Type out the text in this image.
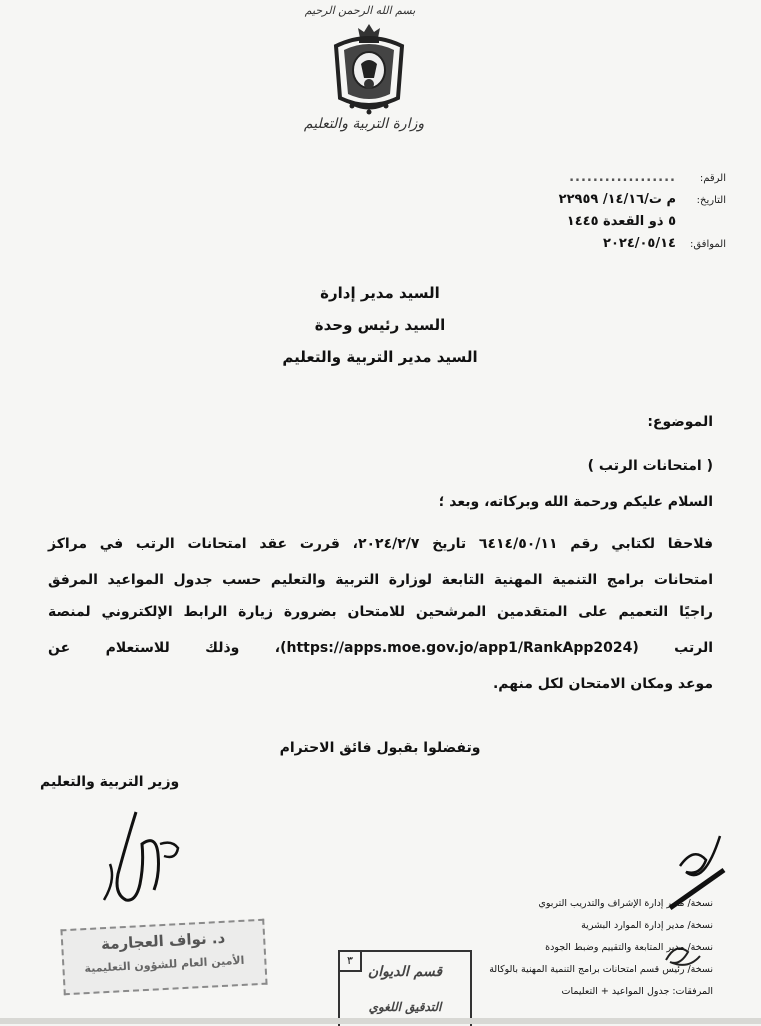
بسم الله الرحمن الرحيم
وزارة التربية والتعليم
الرقم:
..................
التاريخ:
م ت/١٤/١٦/ ٢٢٩٥٩
٥ ذو القعدة ١٤٤٥
الموافق:
٢٠٢٤/٠٥/١٤
السيد مدير إدارة
السيد رئيس وحدة
السيد مدير التربية والتعليم
الموضوع:
( امتحانات الرتب )
السلام عليكم ورحمة الله وبركاته، وبعد ؛
فلاحقا لكتابي رقم ٦٤١٤/٥٠/١١ تاريخ ٢٠٢٤/٢/٧، قررت عقد امتحانات الرتب في مراكز
امتحانات برامج التنمية المهنية التابعة لوزارة التربية والتعليم حسب جدول المواعيد المرفق
راجيًا التعميم على المتقدمين المرشحين للامتحان بضرورة زيارة الرابط الإلكتروني لمنصة
الرتب (https://apps.moe.gov.jo/app1/RankApp2024)، وذلك للاستعلام عن
موعد ومكان الامتحان لكل منهم.
وتفضلوا بقبول فائق الاحترام
وزير التربية والتعليم
د. نواف العجارمة
الأمين العام للشؤون التعليمية	٣
قسم الديوان
التدقيق اللغوي
نسخة/ مدير إدارة الإشراف والتدريب التربوي
نسخة/ مدير إدارة الموارد البشرية
نسخة/ مدير المتابعة والتقييم وضبط الجودة
نسخة/ رئيس قسم امتحانات برامج التنمية المهنية بالوكالة
المرفقات: جدول المواعيد + التعليمات
